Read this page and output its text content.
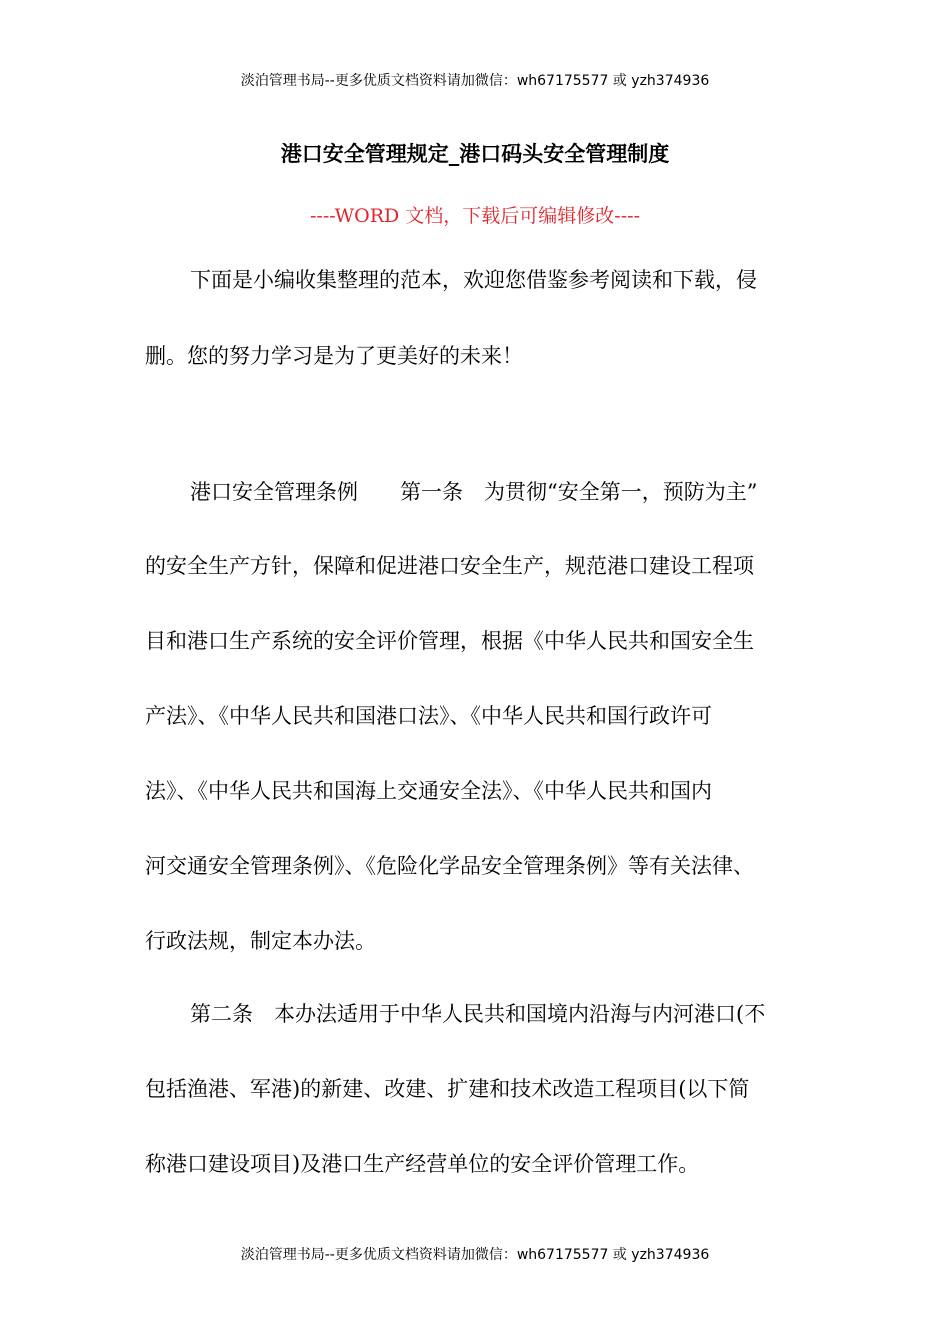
淡泊管理书局--更多优质文档资料请加微信：wh67175577 或 yzh374936
港口安全管理规定_港口码头安全管理制度
----WORD 文档，下载后可编辑修改----
下面是小编收集整理的范本，欢迎您借鉴参考阅读和下载，侵
删。您的努力学习是为了更美好的未来！
港口安全管理条例　　第一条　为贯彻“安全第一，预防为主”
的安全生产方针，保障和促进港口安全生产，规范港口建设工程项
目和港口生产系统的安全评价管理，根据《中华人民共和国安全生
产法》、《中华人民共和国港口法》、《中华人民共和国行政许可
法》、《中华人民共和国海上交通安全法》、《中华人民共和国内
河交通安全管理条例》、《危险化学品安全管理条例》等有关法律、
行政法规，制定本办法。
第二条　本办法适用于中华人民共和国境内沿海与内河港口(不
包括渔港、军港)的新建、改建、扩建和技术改造工程项目(以下简
称港口建设项目)及港口生产经营单位的安全评价管理工作。
淡泊管理书局--更多优质文档资料请加微信：wh67175577 或 yzh374936
